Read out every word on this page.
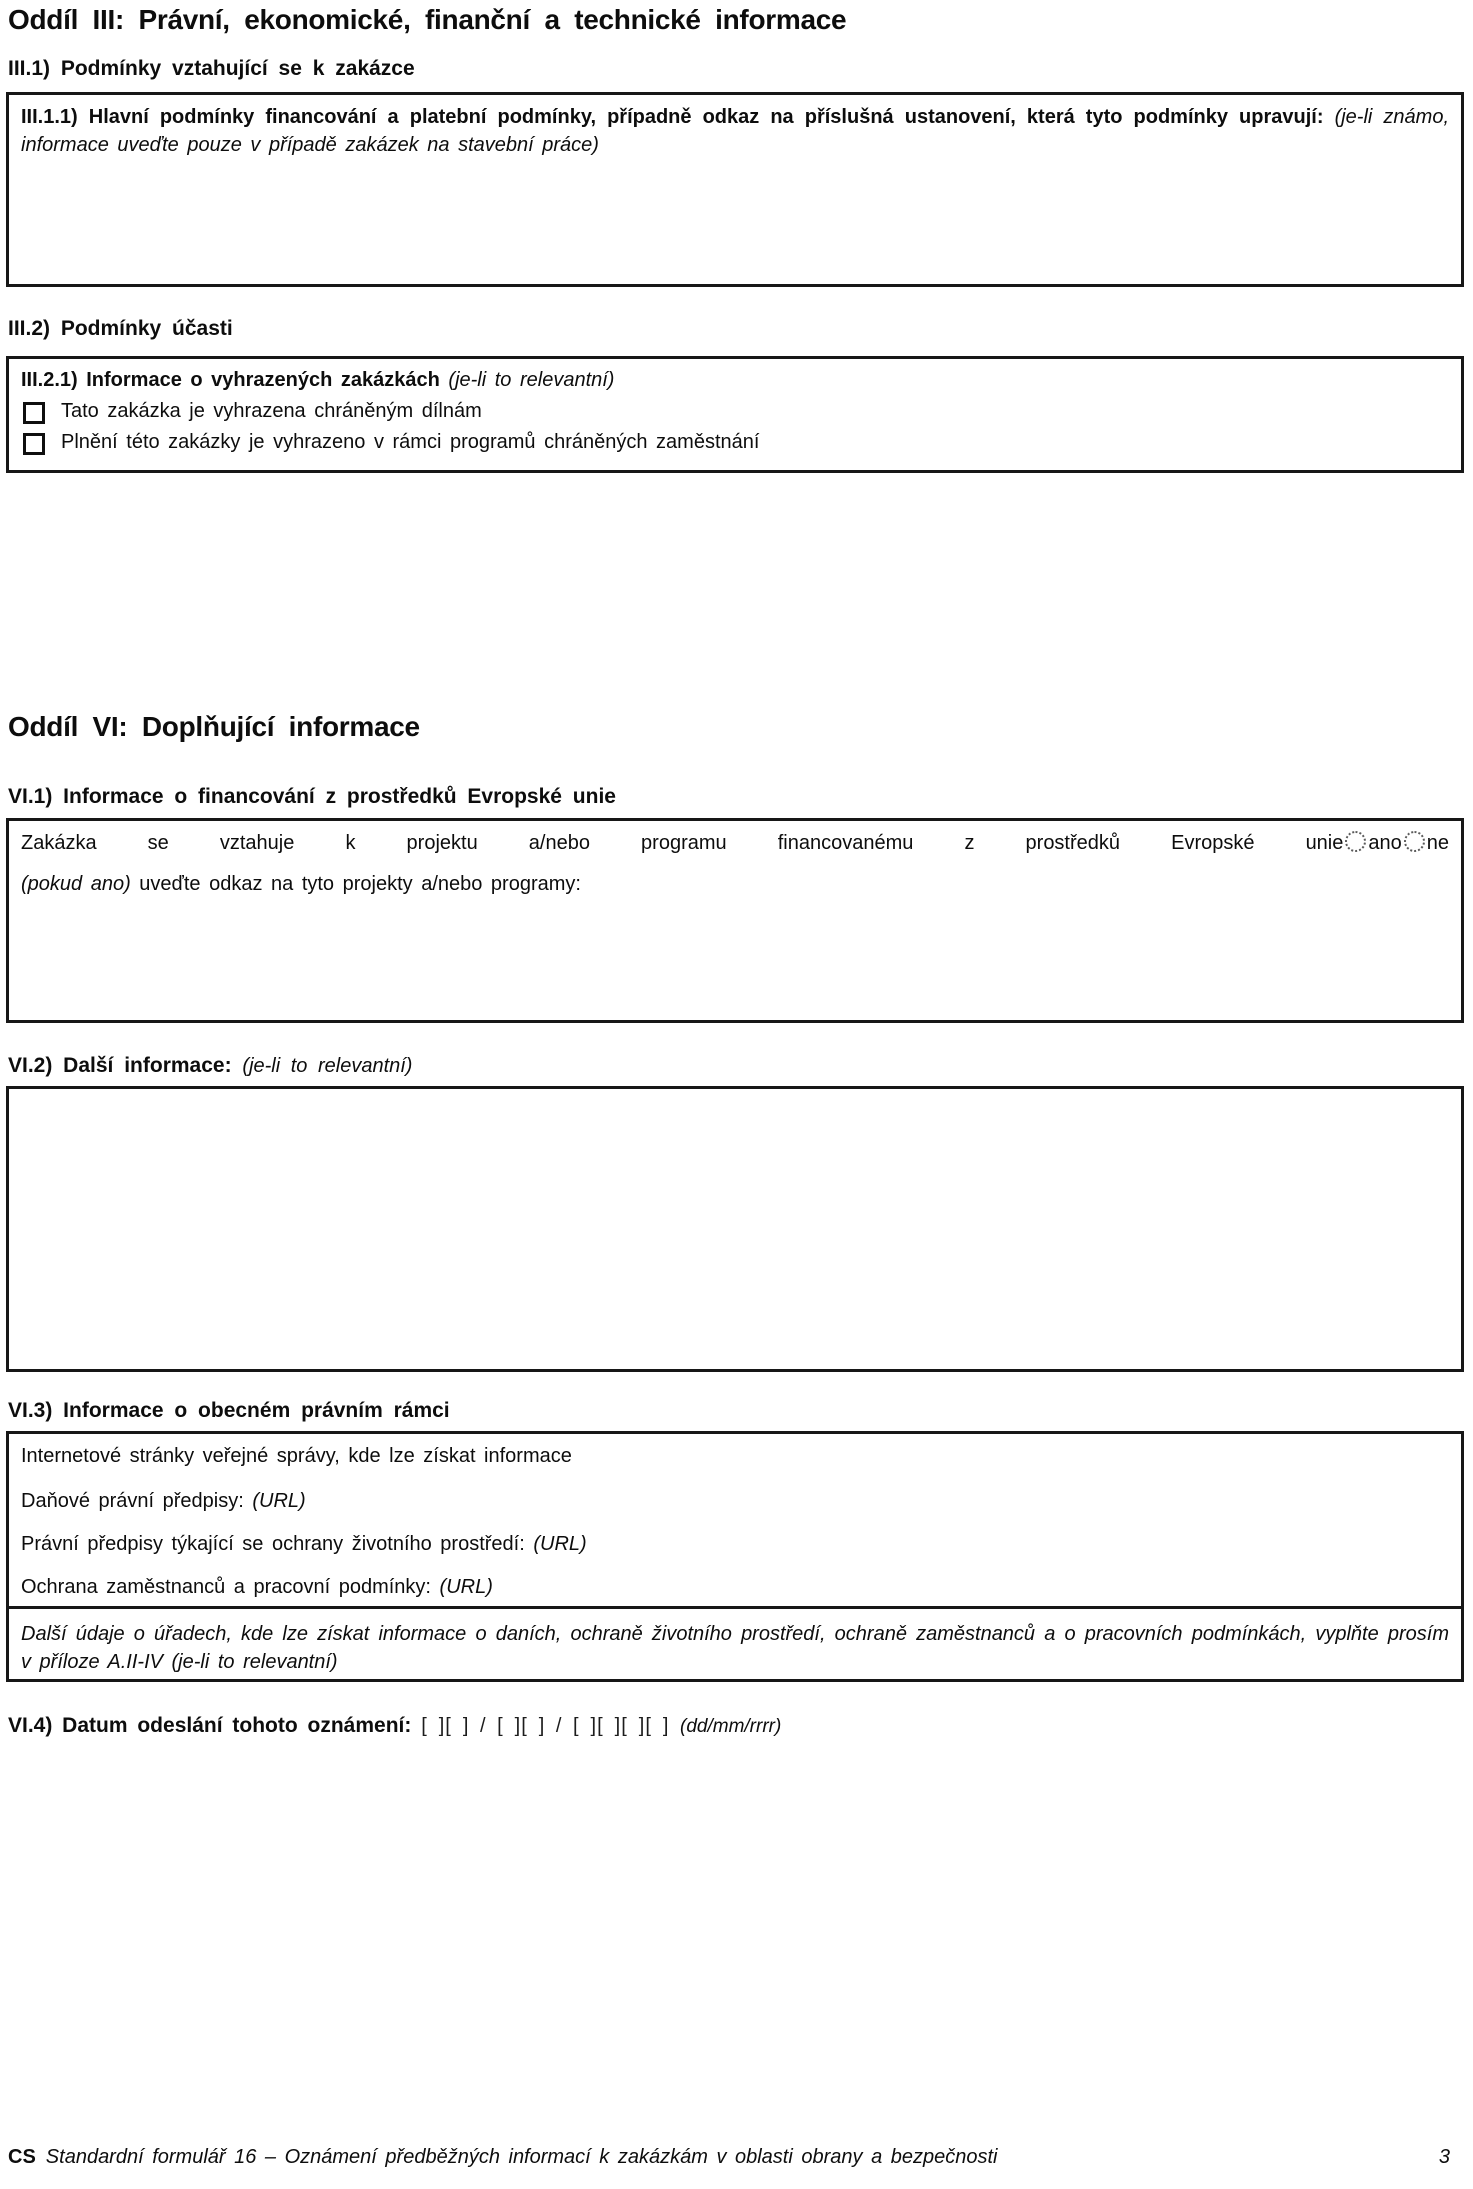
Oddíl III: Právní, ekonomické, finanční a technické informace
III.1) Podmínky vztahující se k zakázce

III.1.1) Hlavní podmínky financování a platební podmínky, případně odkaz na příslušná ustanovení, která tyto podmínky upravují: (je-li známo, informace uveďte pouze v případě zakázek na stavební práce)

III.2) Podmínky účasti

III.2.1) Informace o vyhrazených zakázkách (je-li to relevantní)

Tato zakázka je vyhrazena chráněným dílnám
Plnění této zakázky je vyhrazeno v rámci programů chráněných zaměstnání
Oddíl VI: Doplňující informace
VI.1) Informace o financování z prostředků Evropské unie

Zakázka se vztahuje k projektu a/nebo programu financovanému z prostředků Evropské unie ano ne

(pokud ano) uveďte odkaz na tyto projekty a/nebo programy:

VI.2) Další informace: (je-li to relevantní)
VI.3) Informace o obecném právním rámci

Internetové stránky veřejné správy, kde lze získat informace

Daňové právní předpisy: (URL)

Právní předpisy týkající se ochrany životního prostředí: (URL)

Ochrana zaměstnanců a pracovní podmínky: (URL)

Další údaje o úřadech, kde lze získat informace o daních, ochraně životního prostředí, ochraně zaměstnanců a o pracovních podmínkách, vyplňte prosím v příloze A.II-IV (je-li to relevantní)

VI.4) Datum odeslání tohoto oznámení: [ ][ ] / [ ][ ] / [ ][ ][ ][ ] (dd/mm/rrrr)
CS Standardní formulář 16 – Oznámení předběžných informací k zakázkám v oblasti obrany a bezpečnosti	3
